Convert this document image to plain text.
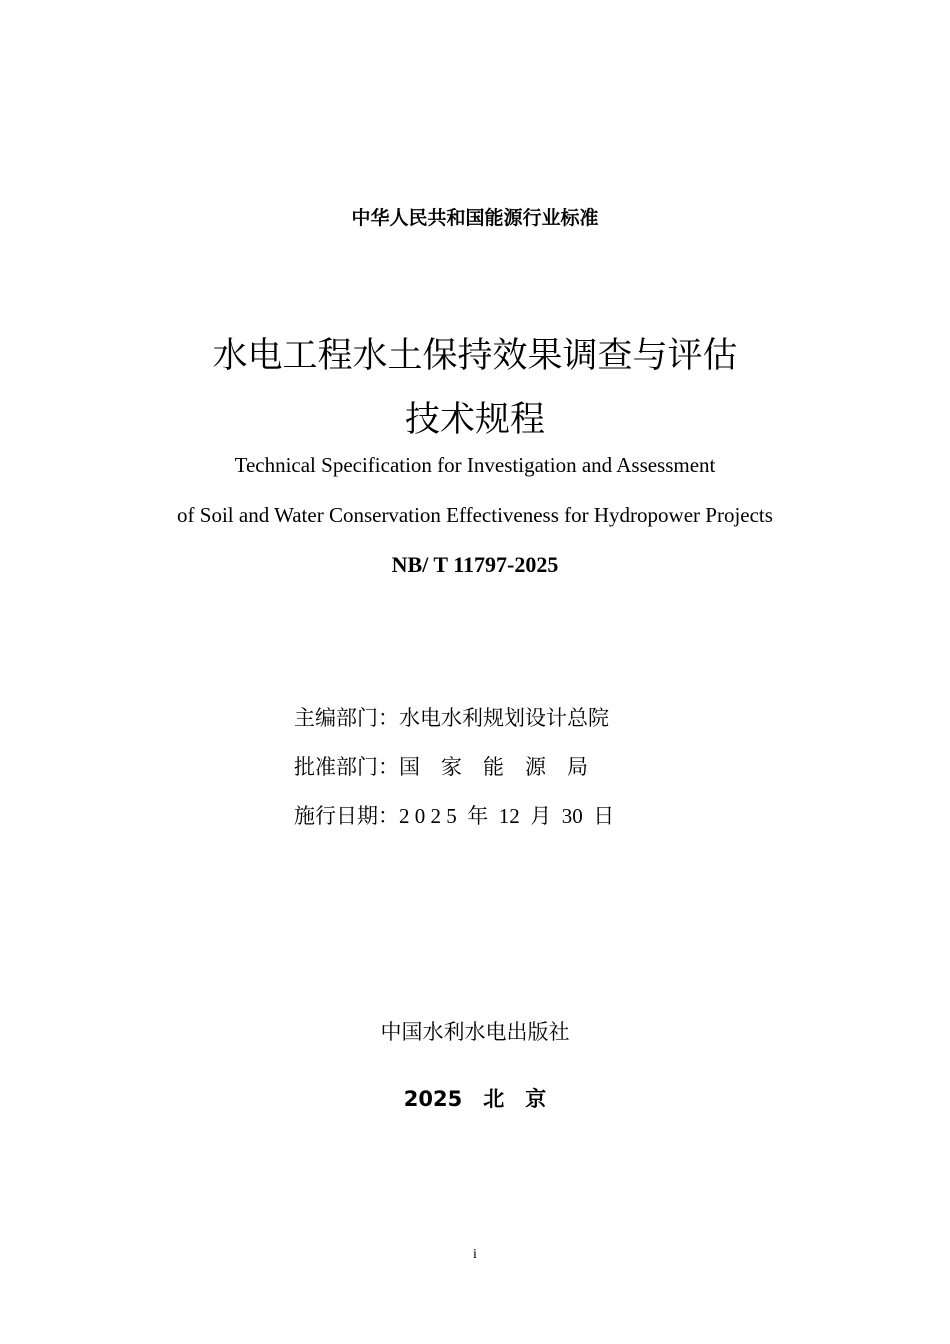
中华人民共和国能源行业标准
水电工程水土保持效果调查与评估
技术规程
Technical Specification for Investigation and Assessment
of Soil and Water Conservation Effectiveness for Hydropower Projects
NB/ T 11797-2025
主编部门：水电水利规划设计总院
批准部门：国　家　能　源　局
施行日期：2 0 2 5  年  12  月  30  日
中国水利水电出版社
2025　北　京
i
